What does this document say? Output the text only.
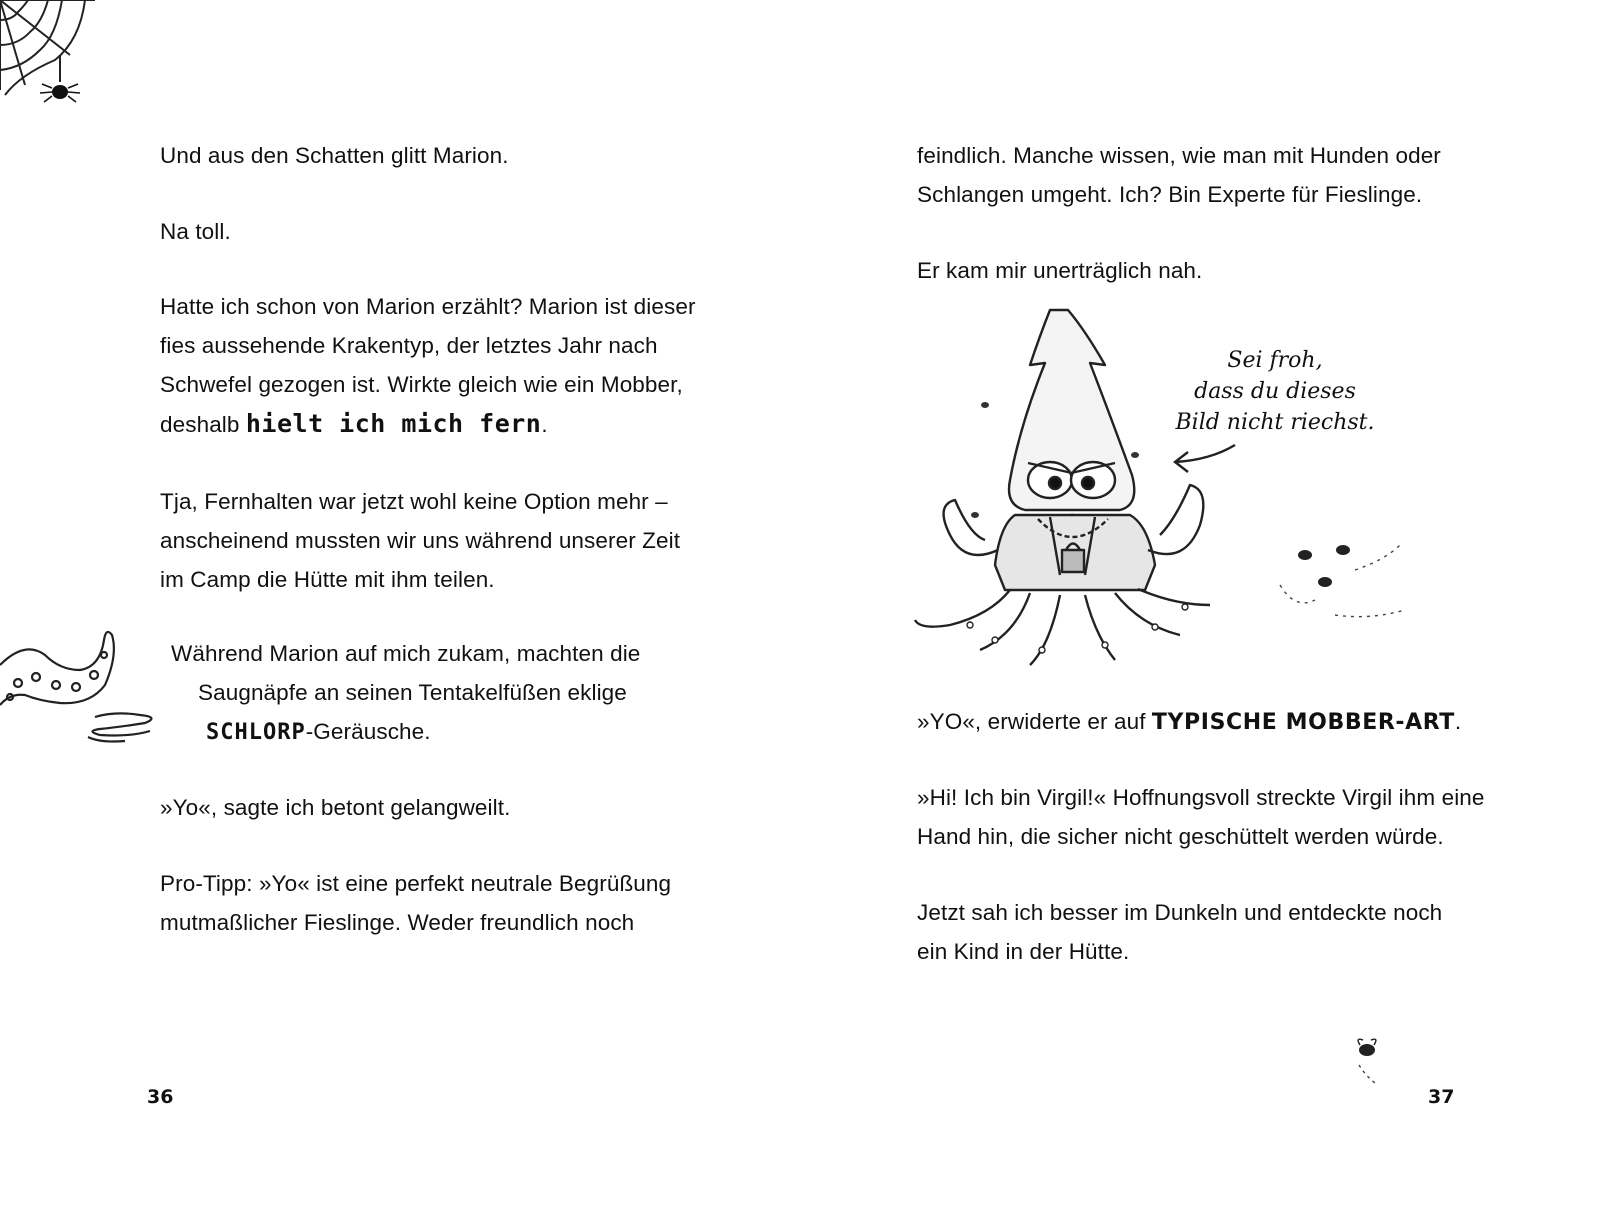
Und aus den Schatten glitt Marion.
Na toll.
Hatte ich schon von Marion erzählt? Marion ist dieser
fies aussehende Krakentyp, der letztes Jahr nach
Schwefel gezogen ist. Wirkte gleich wie ein Mobber,
deshalb hielt ich mich fern.
Tja, Fernhalten war jetzt wohl keine Option mehr –
anscheinend mussten wir uns während unserer Zeit
im Camp die Hütte mit ihm teilen.
Während Marion auf mich zukam, machten die
Saugnäpfe an seinen Tentakelfüßen eklige
SCHLORP-Geräusche.
»Yo«, sagte ich betont gelangweilt.
Pro-Tipp: »Yo« ist eine perfekt neutrale Begrüßung
mutmaßlicher Fieslinge. Weder freundlich noch
36
feindlich. Manche wissen, wie man mit Hunden oder
Schlangen umgeht. Ich? Bin Experte für Fieslinge.
Er kam mir unerträglich nah.
Sei froh,
dass du dieses
Bild nicht riechst.
»YO«, erwiderte er auf TYPISCHE MOBBER-ART.
»Hi! Ich bin Virgil!« Hoffnungsvoll streckte Virgil ihm eine
Hand hin, die sicher nicht geschüttelt werden würde.
Jetzt sah ich besser im Dunkeln und entdeckte noch
ein Kind in der Hütte.
37
